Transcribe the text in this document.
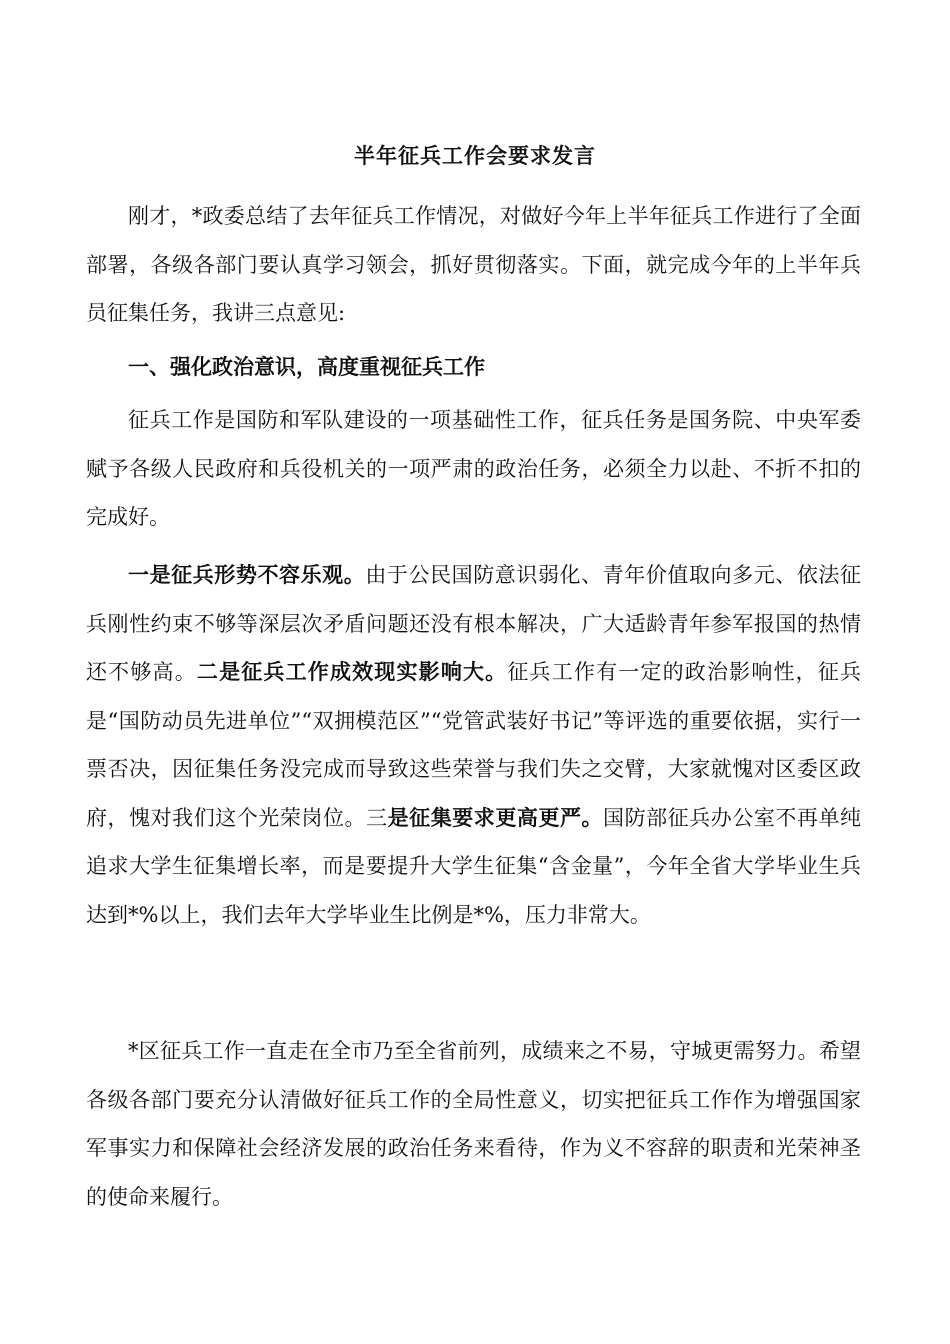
半年征兵工作会要求发言

刚才，*政委总结了去年征兵工作情况，对做好今年上半年征兵工作进行了全面部署，各级各部门要认真学习领会，抓好贯彻落实。下面，就完成今年的上半年兵员征集任务，我讲三点意见:

一、强化政治意识，高度重视征兵工作

征兵工作是国防和军队建设的一项基础性工作，征兵任务是国务院、中央军委赋予各级人民政府和兵役机关的一项严肃的政治任务，必须全力以赴、不折不扣的完成好。

一是征兵形势不容乐观。由于公民国防意识弱化、青年价值取向多元、依法征兵刚性约束不够等深层次矛盾问题还没有根本解决，广大适龄青年参军报国的热情还不够高。二是征兵工作成效现实影响大。征兵工作有一定的政治影响性，征兵是“国防动员先进单位”“双拥模范区”“党管武装好书记”等评选的重要依据，实行一票否决，因征集任务没完成而导致这些荣誉与我们失之交臂，大家就愧对区委区政府，愧对我们这个光荣岗位。三是征集要求更高更严。国防部征兵办公室不再单纯追求大学生征集增长率，而是要提升大学生征集“含金量”，今年全省大学毕业生兵达到*%以上，我们去年大学毕业生比例是*%，压力非常大。

*区征兵工作一直走在全市乃至全省前列，成绩来之不易，守城更需努力。希望各级各部门要充分认清做好征兵工作的全局性意义，切实把征兵工作作为增强国家军事实力和保障社会经济发展的政治任务来看待，作为义不容辞的职责和光荣神圣的使命来履行。
